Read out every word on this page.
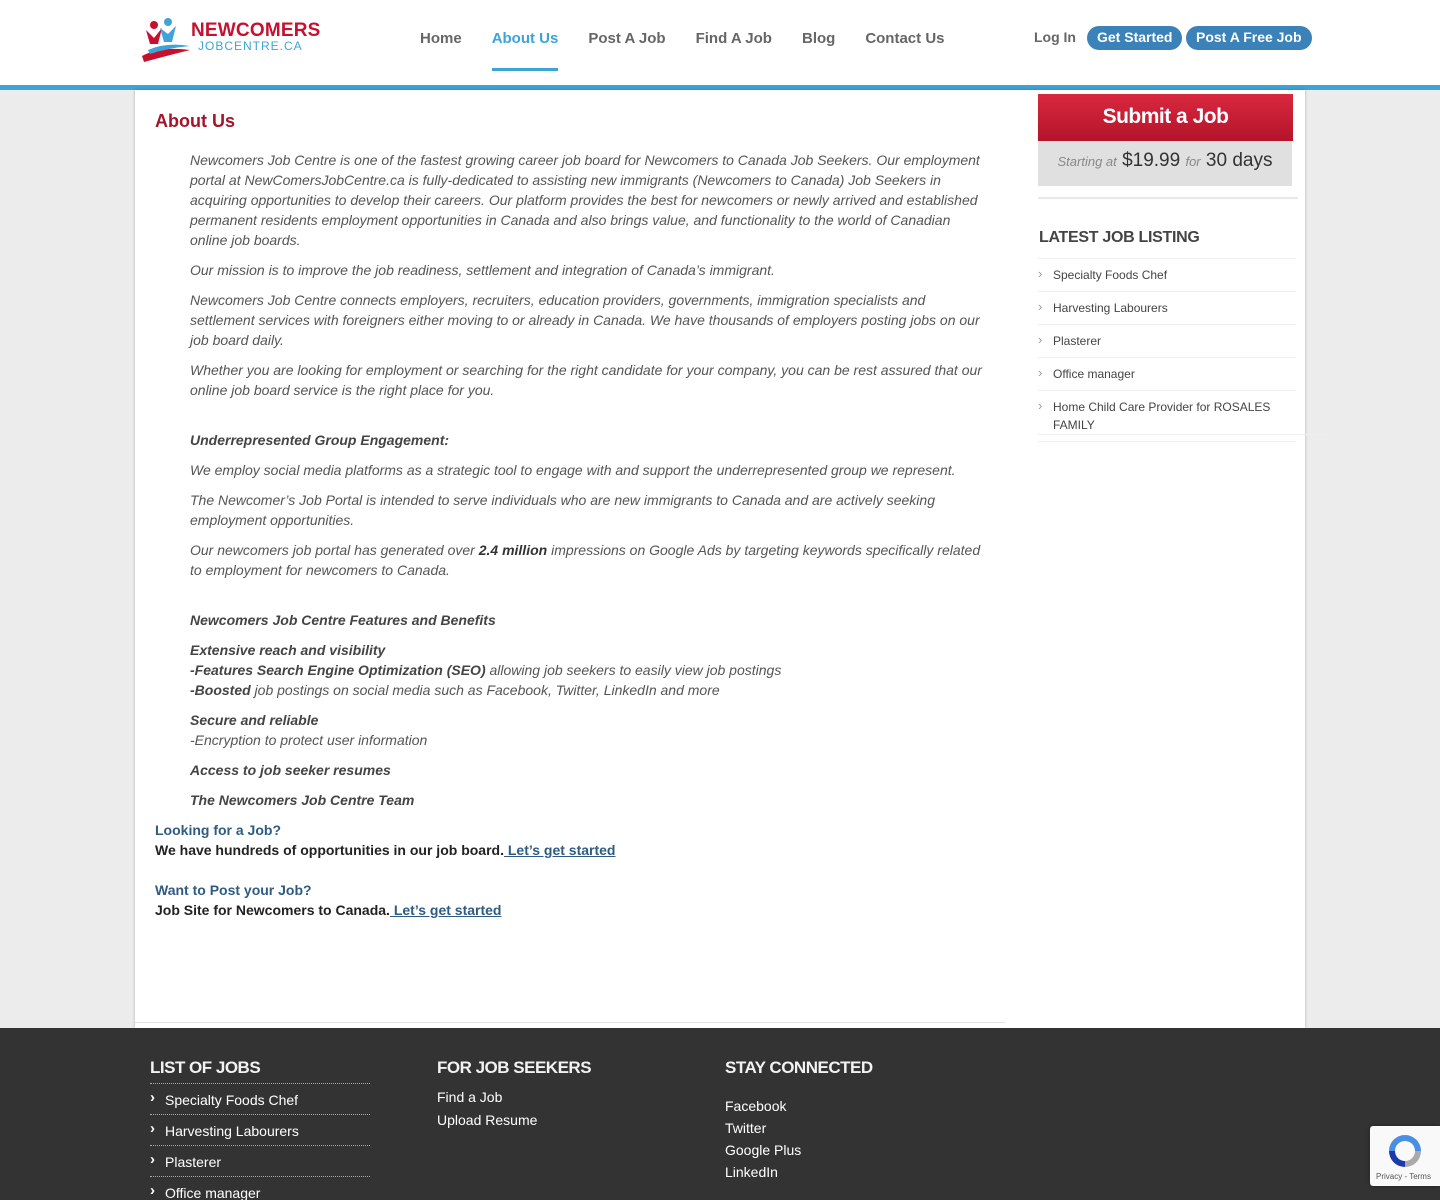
NEWCOMERS
JOBCENTRE.CA	Home About Us Post A Job Find A Job Blog Contact Us	Log In	Get Started	Post A Free Job
About Us

Newcomers Job Centre is one of the fastest growing career job board for Newcomers to Canada Job Seekers. Our employment portal at NewComersJobCentre.ca is fully-dedicated to assisting new immigrants (Newcomers to Canada) Job Seekers in acquiring opportunities to develop their careers. Our platform provides the best for newcomers or newly arrived and established permanent residents employment opportunities in Canada and also brings value, and functionality to the world of Canadian online job boards.

Our mission is to improve the job readiness, settlement and integration of Canada’s immigrant.

Newcomers Job Centre connects employers, recruiters, education providers, governments, immigration specialists and settlement services with foreigners either moving to or already in Canada. We have thousands of employers posting jobs on our job board daily.

Whether you are looking for employment or searching for the right candidate for your company, you can be rest assured that our online job board service is the right place for you.

Underrepresented Group Engagement:

We employ social media platforms as a strategic tool to engage with and support the underrepresented group we represent.

The Newcomer’s Job Portal is intended to serve individuals who are new immigrants to Canada and are actively seeking employment opportunities.

Our newcomers job portal has generated over 2.4 million impressions on Google Ads by targeting keywords specifically related to employment for newcomers to Canada.

Newcomers Job Centre Features and Benefits

Extensive reach and visibility
-Features Search Engine Optimization (SEO) allowing job seekers to easily view job postings
-Boosted job postings on social media such as Facebook, Twitter, LinkedIn and more

Secure and reliable
-Encryption to protect user information

Access to job seeker resumes

The Newcomers Job Centre Team

Looking for a Job?
We have hundreds of opportunities in our job board. Let’s get started
Want to Post your Job?
Job Site for Newcomers to Canada. Let’s get started
Submit a Job
Starting at $19.99 for 30 days
LATEST JOB LISTING
› Specialty Foods Chef
› Harvesting Labourers
› Plasterer
› Office manager
› Home Child Care Provider for ROSALES FAMILY
LIST OF JOBS
› Specialty Foods Chef
› Harvesting Labourers
› Plasterer
› Office manager
FOR JOB SEEKERS
Find a Job
Upload Resume
STAY CONNECTED
Facebook
Twitter
Google Plus
LinkedIn	Privacy - Terms
